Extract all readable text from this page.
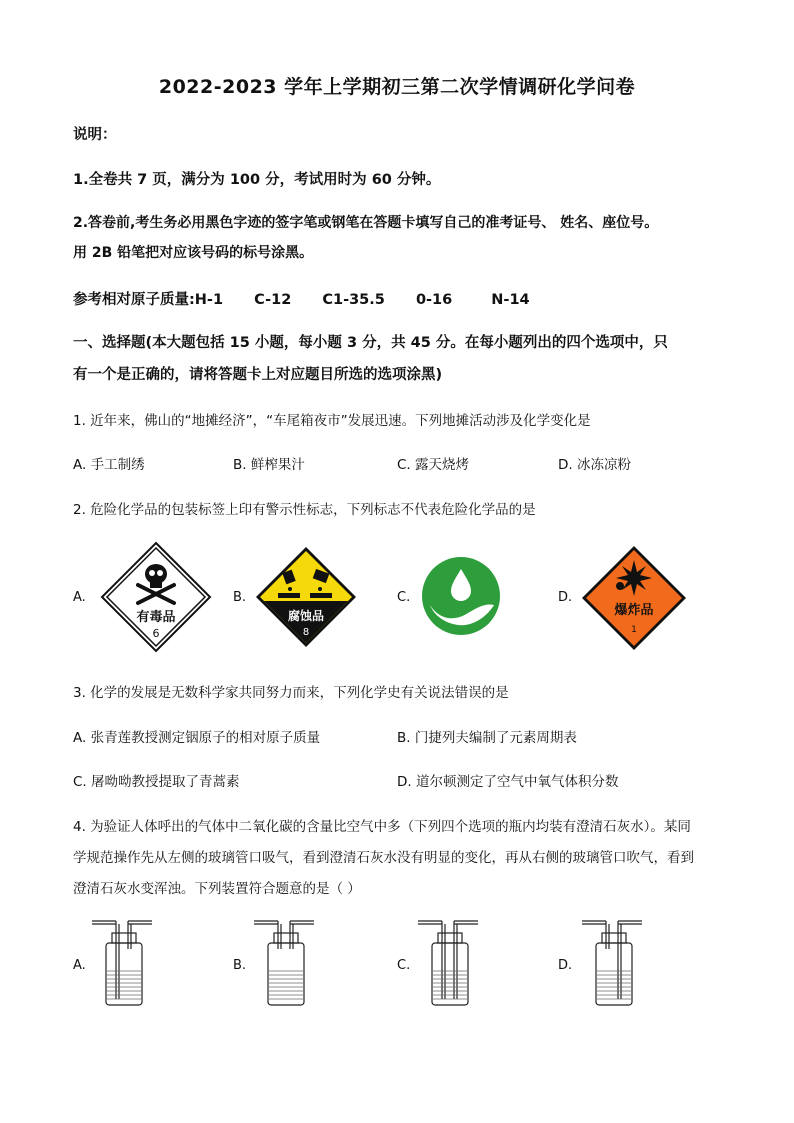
2022-2023 学年上学期初三第二次学情调研化学问卷
说明：
1.全卷共 7 页，满分为 100 分，考试用时为 60 分钟。
2.答卷前,考生务必用黑色字迹的签字笔或钢笔在答题卡填写自己的准考证号、 姓名、座位号。
用 2B 铅笔把对应该号码的标号涂黑。
参考相对原子质量:H-1 C-12 C1-35.5 0-16	N-14
一、选择题(本大题包括 15 小题，每小题 3 分，共 45 分。在每小题列出的四个选项中，只
有一个是正确的，请将答题卡上对应题目所选的选项涂黑)
1. 近年来，佛山的“地摊经济”，“车尾箱夜市”发展迅速。下列地摊活动涉及化学变化是
A. 手工制绣	B. 鲜榨果汁	C. 露天烧烤	D. 冰冻凉粉
2. 危险化学品的包装标签上印有警示性标志，下列标志不代表危险化学品的是
A.
有毒品
6
B.
腐蚀品
8
C.	D.
爆炸品
1
3. 化学的发展是无数科学家共同努力而来，下列化学史有关说法错误的是
A. 张青莲教授测定铟原子的相对原子质量	B. 门捷列夫编制了元素周期表
C. 屠呦呦教授提取了青蒿素	D. 道尔顿测定了空气中氧气体积分数
4. 为验证人体呼出的气体中二氧化碳的含量比空气中多（下列四个选项的瓶内均装有澄清石灰水）。某同
学规范操作先从左侧的玻璃管口吸气，看到澄清石灰水没有明显的变化，再从右侧的玻璃管口吹气，看到
澄清石灰水变浑浊。下列装置符合题意的是（ ）
A.	B.	C.	D.
